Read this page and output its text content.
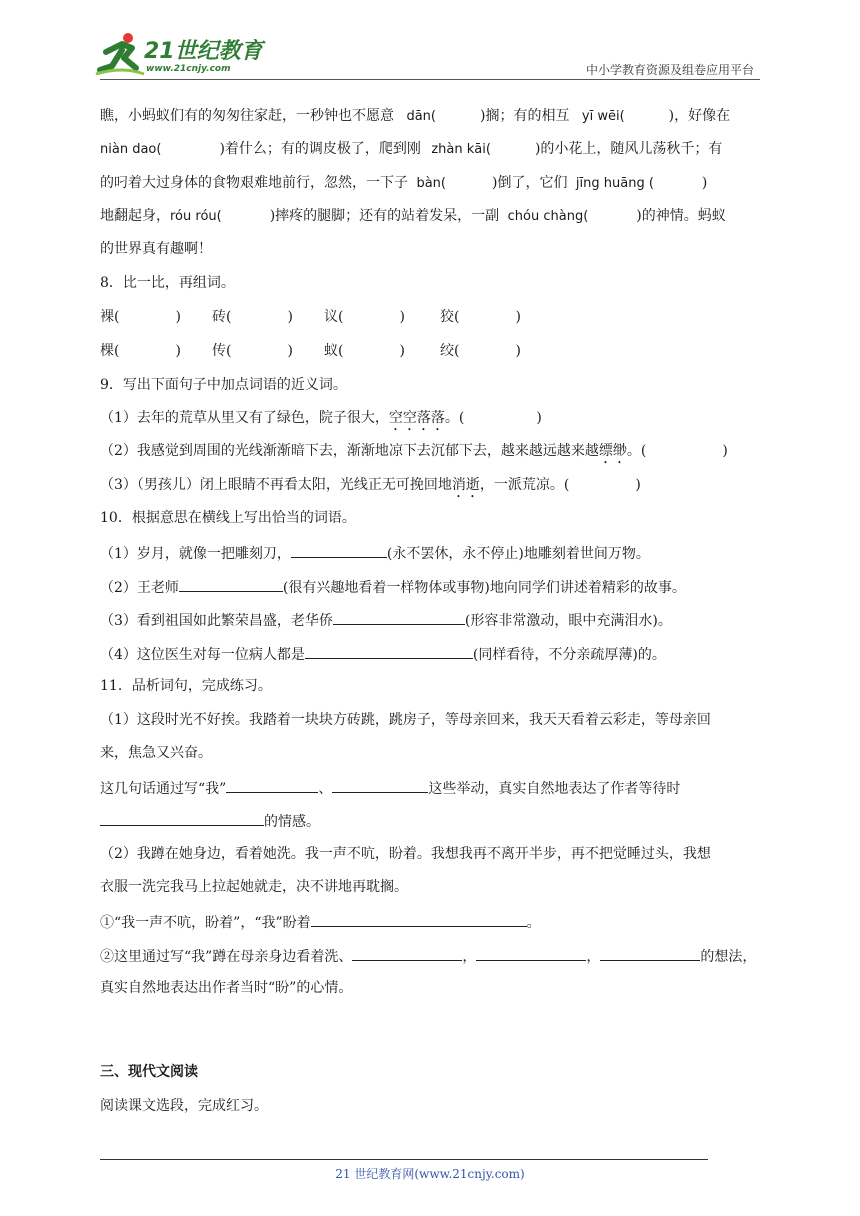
21世纪教育
www.21cnjy.com	中小学教育资源及组卷应用平台
瞧，小蚂蚁们有的匆匆往家赶，一秒钟也不愿意 dān(	)搁；有的相互 yī wēi(	)，好像在
niàn dao(	)着什么；有的调皮极了，爬到刚 zhàn kāi(	)的小花上，随风儿荡秋千；有
的叼着大过身体的食物艰难地前行，忽然，一下子 bàn(	)倒了，它们 jīng huāng (	)
地翻起身，róu róu(	)摔疼的腿脚；还有的站着发呆，一副 chóu chàng(	)的神情。蚂蚁
的世界真有趣啊！
8．比一比，再组词。
裸(	) 砖(	) 议(	)	狡(	)
棵(	) 传(	) 蚁(	)	绞(	)
9．写出下面句子中加点词语的近义词。
（1）去年的荒草从里又有了绿色，院子很大，空空落落。(	)
（2）我感觉到周围的光线渐渐暗下去，渐渐地凉下去沉郁下去，越来越远越来越缥缈。(	)
（3）（男孩儿）闭上眼睛不再看太阳，光线正无可挽回地消逝，一派荒凉。(	)
10．根据意思在横线上写出恰当的词语。
（1）岁月，就像一把雕刻刀，	(永不罢休，永不停止)地雕刻着世间万物。
（2）王老师	(很有兴趣地看着一样物体或事物)地向同学们讲述着精彩的故事。
（3）看到祖国如此繁荣昌盛，老华侨	(形容非常激动，眼中充满泪水)。
（4）这位医生对每一位病人都是	(同样看待，不分亲疏厚薄)的。
11．品析词句，完成练习。
（1）这段时光不好挨。我踏着一块块方砖跳，跳房子，等母亲回来，我天天看着云彩走，等母亲回
来，焦急又兴奋。
这几句话通过写“我”	、	这些举动，真实自然地表达了作者等待时
的情感。
（2）我蹲在她身边，看着她洗。我一声不吭，盼着。我想我再不离开半步，再不把觉睡过头，我想
衣服一洗完我马上拉起她就走，决不讲地再耽搁。
①“我一声不吭，盼着”，“我”盼着	。
②这里通过写“我”蹲在母亲身边看着洗、	，	，	的想法，
真实自然地表达出作者当时“盼”的心情。
三、现代文阅读
阅读课文选段，完成红习。
21 世纪教育网(www.21cnjy.com)
